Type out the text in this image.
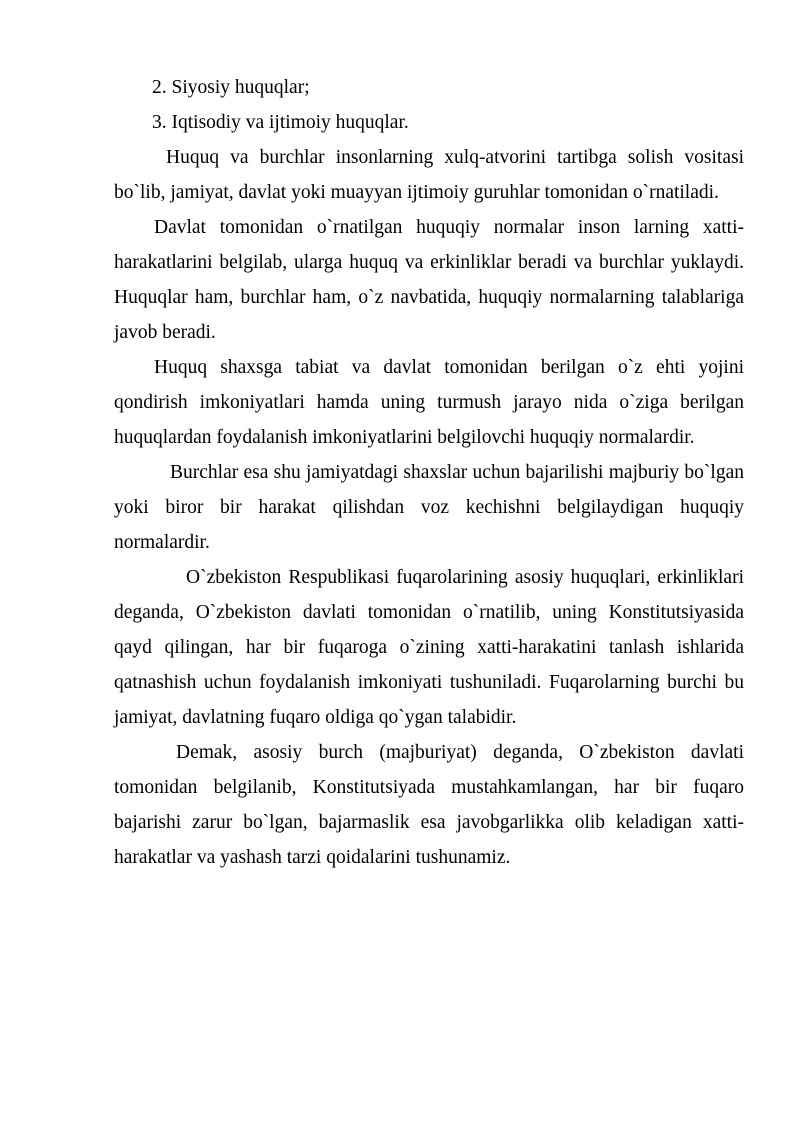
2. Siyosiy huquqlar;

3. Iqtisodiy va ijtimoiy huquqlar.

Huquq va burchlar insonlarning xulq-atvorini tartibga solish vositasi bo`lib, jamiyat, davlat yoki muayyan ijtimoiy guruhlar tomonidan o`rnatiladi.

Davlat tomonidan o`rnatilgan huquqiy normalar inson larning xatti-harakatlarini belgilab, ularga huquq va erkinliklar beradi va burchlar yuklaydi. Huquqlar ham, burchlar ham, o`z navbatida, huquqiy normalarning talablariga javob beradi.

Huquq shaxsga tabiat va davlat tomonidan berilgan o`z ehti yojini qondirish imkoniyatlari hamda uning turmush jarayo nida o`ziga berilgan huquqlardan foydalanish imkoniyatlarini belgilovchi huquqiy normalardir.

Burchlar esa shu jamiyatdagi shaxslar uchun bajarilishi majburiy bo`lgan yoki biror bir harakat qilishdan voz kechishni belgilaydigan huquqiy normalardir.

O`zbekiston Respublikasi fuqarolarining asosiy huquqlari, erkinliklari deganda, O`zbekiston davlati tomonidan o`rnatilib, uning Konstitutsiyasida qayd qilingan, har bir fuqaroga o`zining xatti-harakatini tanlash ishlarida qatnashish uchun foydalanish imkoniyati tushuniladi. Fuqarolarning burchi bu jamiyat, davlatning fuqaro oldiga qo`ygan talabidir.

Demak, asosiy burch (majburiyat) deganda, O`zbekiston davlati tomonidan belgilanib, Konstitutsiyada mustahkamlangan, har bir fuqaro bajarishi zarur bo`lgan, bajarmaslik esa javobgarlikka olib keladigan xatti-harakatlar va yashash tarzi qoidalarini tushunamiz.
